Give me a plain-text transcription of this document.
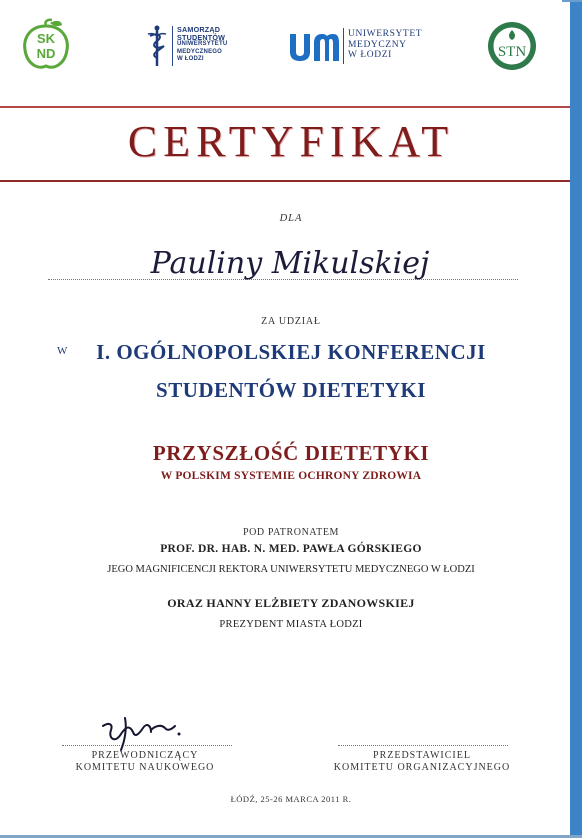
SK
ND
SAMORZĄD
STUDENTÓW
UNIWERSYTETU
MEDYCZNEGO
W ŁODZI
UNIWERSYTET
MEDYCZNY
W ŁODZI	STN
CERTYFIKAT
DLA
Pauliny Mikulskiej
ZA UDZIAŁ
W	I. OGÓLNOPOLSKIEJ KONFERENCJI
STUDENTÓW DIETETYKI
PRZYSZŁOŚĆ DIETETYKI
W POLSKIM SYSTEMIE OCHRONY ZDROWIA
POD PATRONATEM
PROF. DR. HAB. N. MED. PAWŁA GÓRSKIEGO
JEGO MAGNIFICENCJI REKTORA UNIWERSYTETU MEDYCZNEGO W ŁODZI
ORAZ HANNY ELŻBIETY ZDANOWSKIEJ
PREZYDENT MIASTA ŁODZI
PRZEWODNICZĄCY
KOMITETU NAUKOWEGO
PRZEDSTAWICIEL
KOMITETU ORGANIZACYJNEGO
ŁÓDŹ, 25-26 MARCA 2011 R.
